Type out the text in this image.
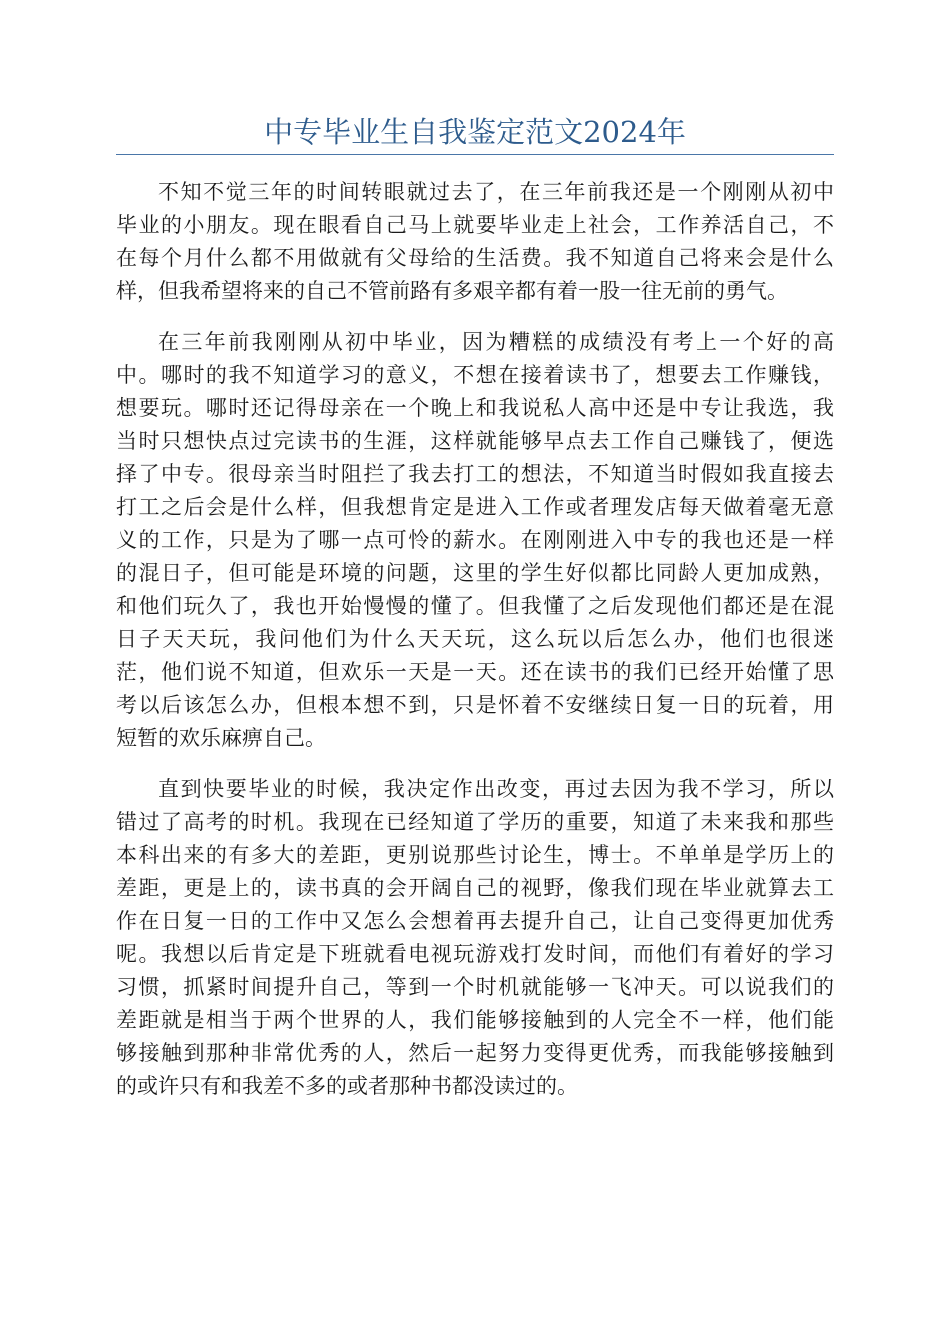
中专毕业生自我鉴定范文2024年
不知不觉三年的时间转眼就过去了，在三年前我还是一个刚刚从初中
毕业的小朋友。现在眼看自己马上就要毕业走上社会，工作养活自己，不
在每个月什么都不用做就有父母给的生活费。我不知道自己将来会是什么
样，但我希望将来的自己不管前路有多艰辛都有着一股一往无前的勇气。
在三年前我刚刚从初中毕业，因为糟糕的成绩没有考上一个好的高
中。哪时的我不知道学习的意义，不想在接着读书了，想要去工作赚钱，
想要玩。哪时还记得母亲在一个晚上和我说私人高中还是中专让我选，我
当时只想快点过完读书的生涯，这样就能够早点去工作自己赚钱了，便选
择了中专。很母亲当时阻拦了我去打工的想法，不知道当时假如我直接去
打工之后会是什么样，但我想肯定是进入工作或者理发店每天做着毫无意
义的工作，只是为了哪一点可怜的薪水。在刚刚进入中专的我也还是一样
的混日子，但可能是环境的问题，这里的学生好似都比同龄人更加成熟，
和他们玩久了，我也开始慢慢的懂了。但我懂了之后发现他们都还是在混
日子天天玩，我问他们为什么天天玩，这么玩以后怎么办，他们也很迷
茫，他们说不知道，但欢乐一天是一天。还在读书的我们已经开始懂了思
考以后该怎么办，但根本想不到，只是怀着不安继续日复一日的玩着，用
短暂的欢乐麻痹自己。
直到快要毕业的时候，我决定作出改变，再过去因为我不学习，所以
错过了高考的时机。我现在已经知道了学历的重要，知道了未来我和那些
本科出来的有多大的差距，更别说那些讨论生，博士。不单单是学历上的
差距，更是上的，读书真的会开阔自己的视野，像我们现在毕业就算去工
作在日复一日的工作中又怎么会想着再去提升自己，让自己变得更加优秀
呢。我想以后肯定是下班就看电视玩游戏打发时间，而他们有着好的学习
习惯，抓紧时间提升自己，等到一个时机就能够一飞冲天。可以说我们的
差距就是相当于两个世界的人，我们能够接触到的人完全不一样，他们能
够接触到那种非常优秀的人，然后一起努力变得更优秀，而我能够接触到
的或许只有和我差不多的或者那种书都没读过的。
